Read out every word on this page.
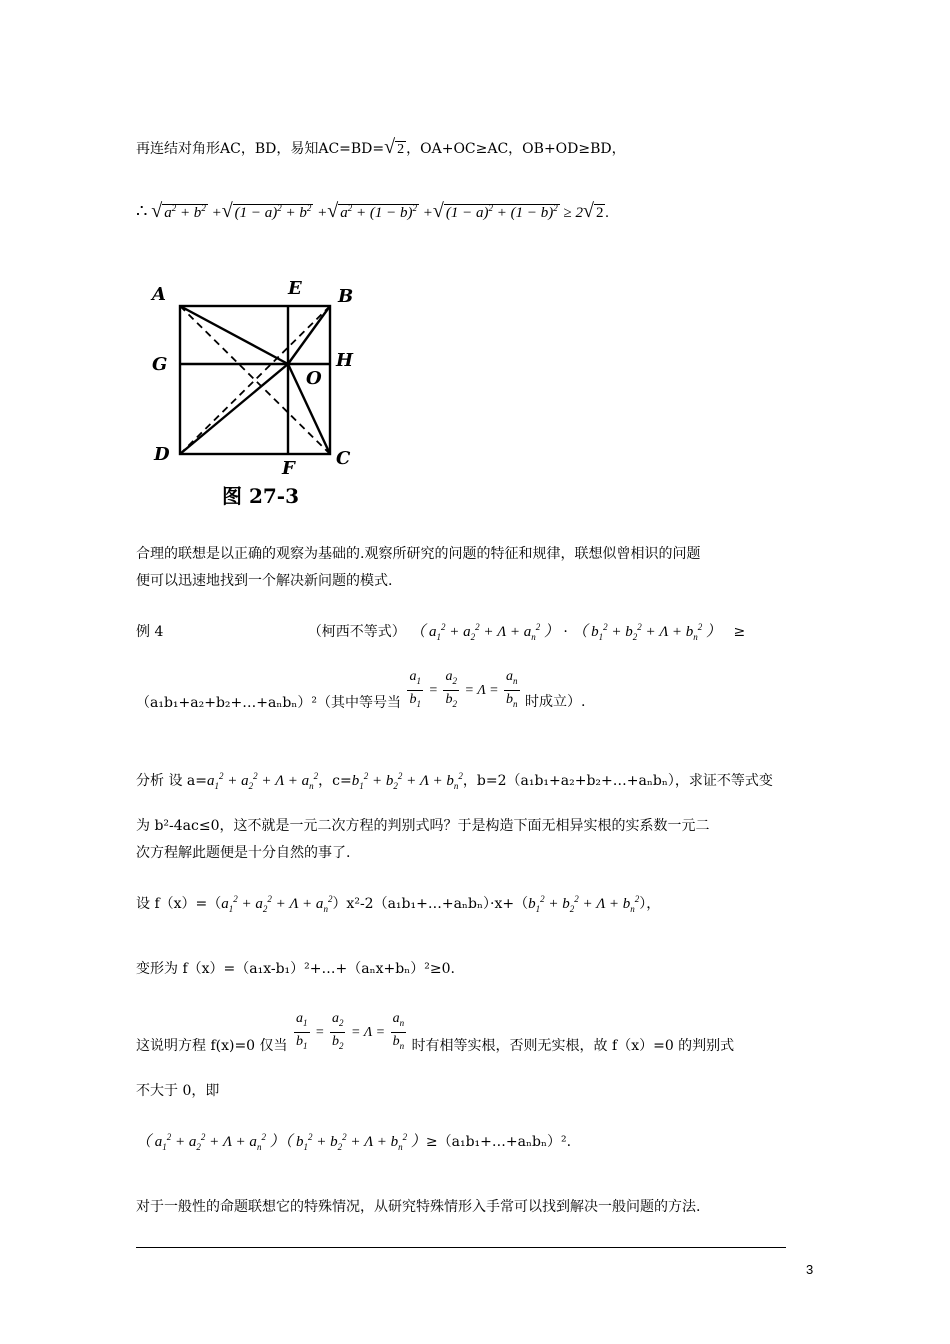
再连结对角形AC，BD，易知AC=BD=√ 2 ，OA+OC≥AC，OB+OD≥BD，
∴ √ $a^2 + b^2$ +√ $(1 - a)^2 + b^2$ +√ $a^2 + (1 - b)^2$ +√ $(1 - a)^2 + (1 - b)^2 \ge 2√$ 2 .
A	E B
G	H
O
D
F C
图 27-3
合理的联想是以正确的观察为基础的.观察所研究的问题的特征和规律，联想似曾相识的问题
便可以迅速地找到一个解决新问题的模式.
例 4	（柯西不等式） （ $a_1^2 + a_2^2 + \Lambda + a_n^2$ ） · （ $b_1^2 + b_2^2 + \Lambda + b_n^2$ ） ≥
（a₁b₁+a₂+b₂+…+aₙbₙ）²（其中等号当 $\frac{a_1}{b_1} = \frac{a_2}{b_2} = \Lambda = \frac{a_n}{b_n}$ 时成立）.
分析 设 $a=a_1^2 + a_2^2 + \Lambda + a_n^2$，$c=b_1^2 + b_2^2 + \Lambda + b_n^2$，b=2（a₁b₁+a₂+b₂+…+aₙbₙ），求证不等式变
为 b²-4ac≤0，这不就是一元二次方程的判别式吗？于是构造下面无相异实根的实系数一元二
次方程解此题便是十分自然的事了.
设 $f(x)=(a_1^2 + a_2^2 + \Lambda$ + $a_n^2)x^2-2(a_1b_1+\dots+a_nb_n)\cdot x+(b_1^2 + b_2^2 + \Lambda + b_n^2)$，
变形为 f（x）=（a₁x-b₁）²+…+（aₙx+bₙ）²≥0.
这说明方程 f(x)=0 仅当 $\frac{a_1}{b_1} = \frac{a_2}{b_2} = \Lambda = \frac{a_n}{b_n}$ 时有相等实根，否则无实根，故 f（x）=0 的判别式
不大于 0，即
（ $a_1^2 + a_2^2 + \Lambda + a_n^2$ ）（ $b_1^2 + b_2^2 + \Lambda + b_n^2$ ）≥（a₁b₁+…+aₙbₙ）².
对于一般性的命题联想它的特殊情况，从研究特殊情形入手常可以找到解决一般问题的方法.
3
